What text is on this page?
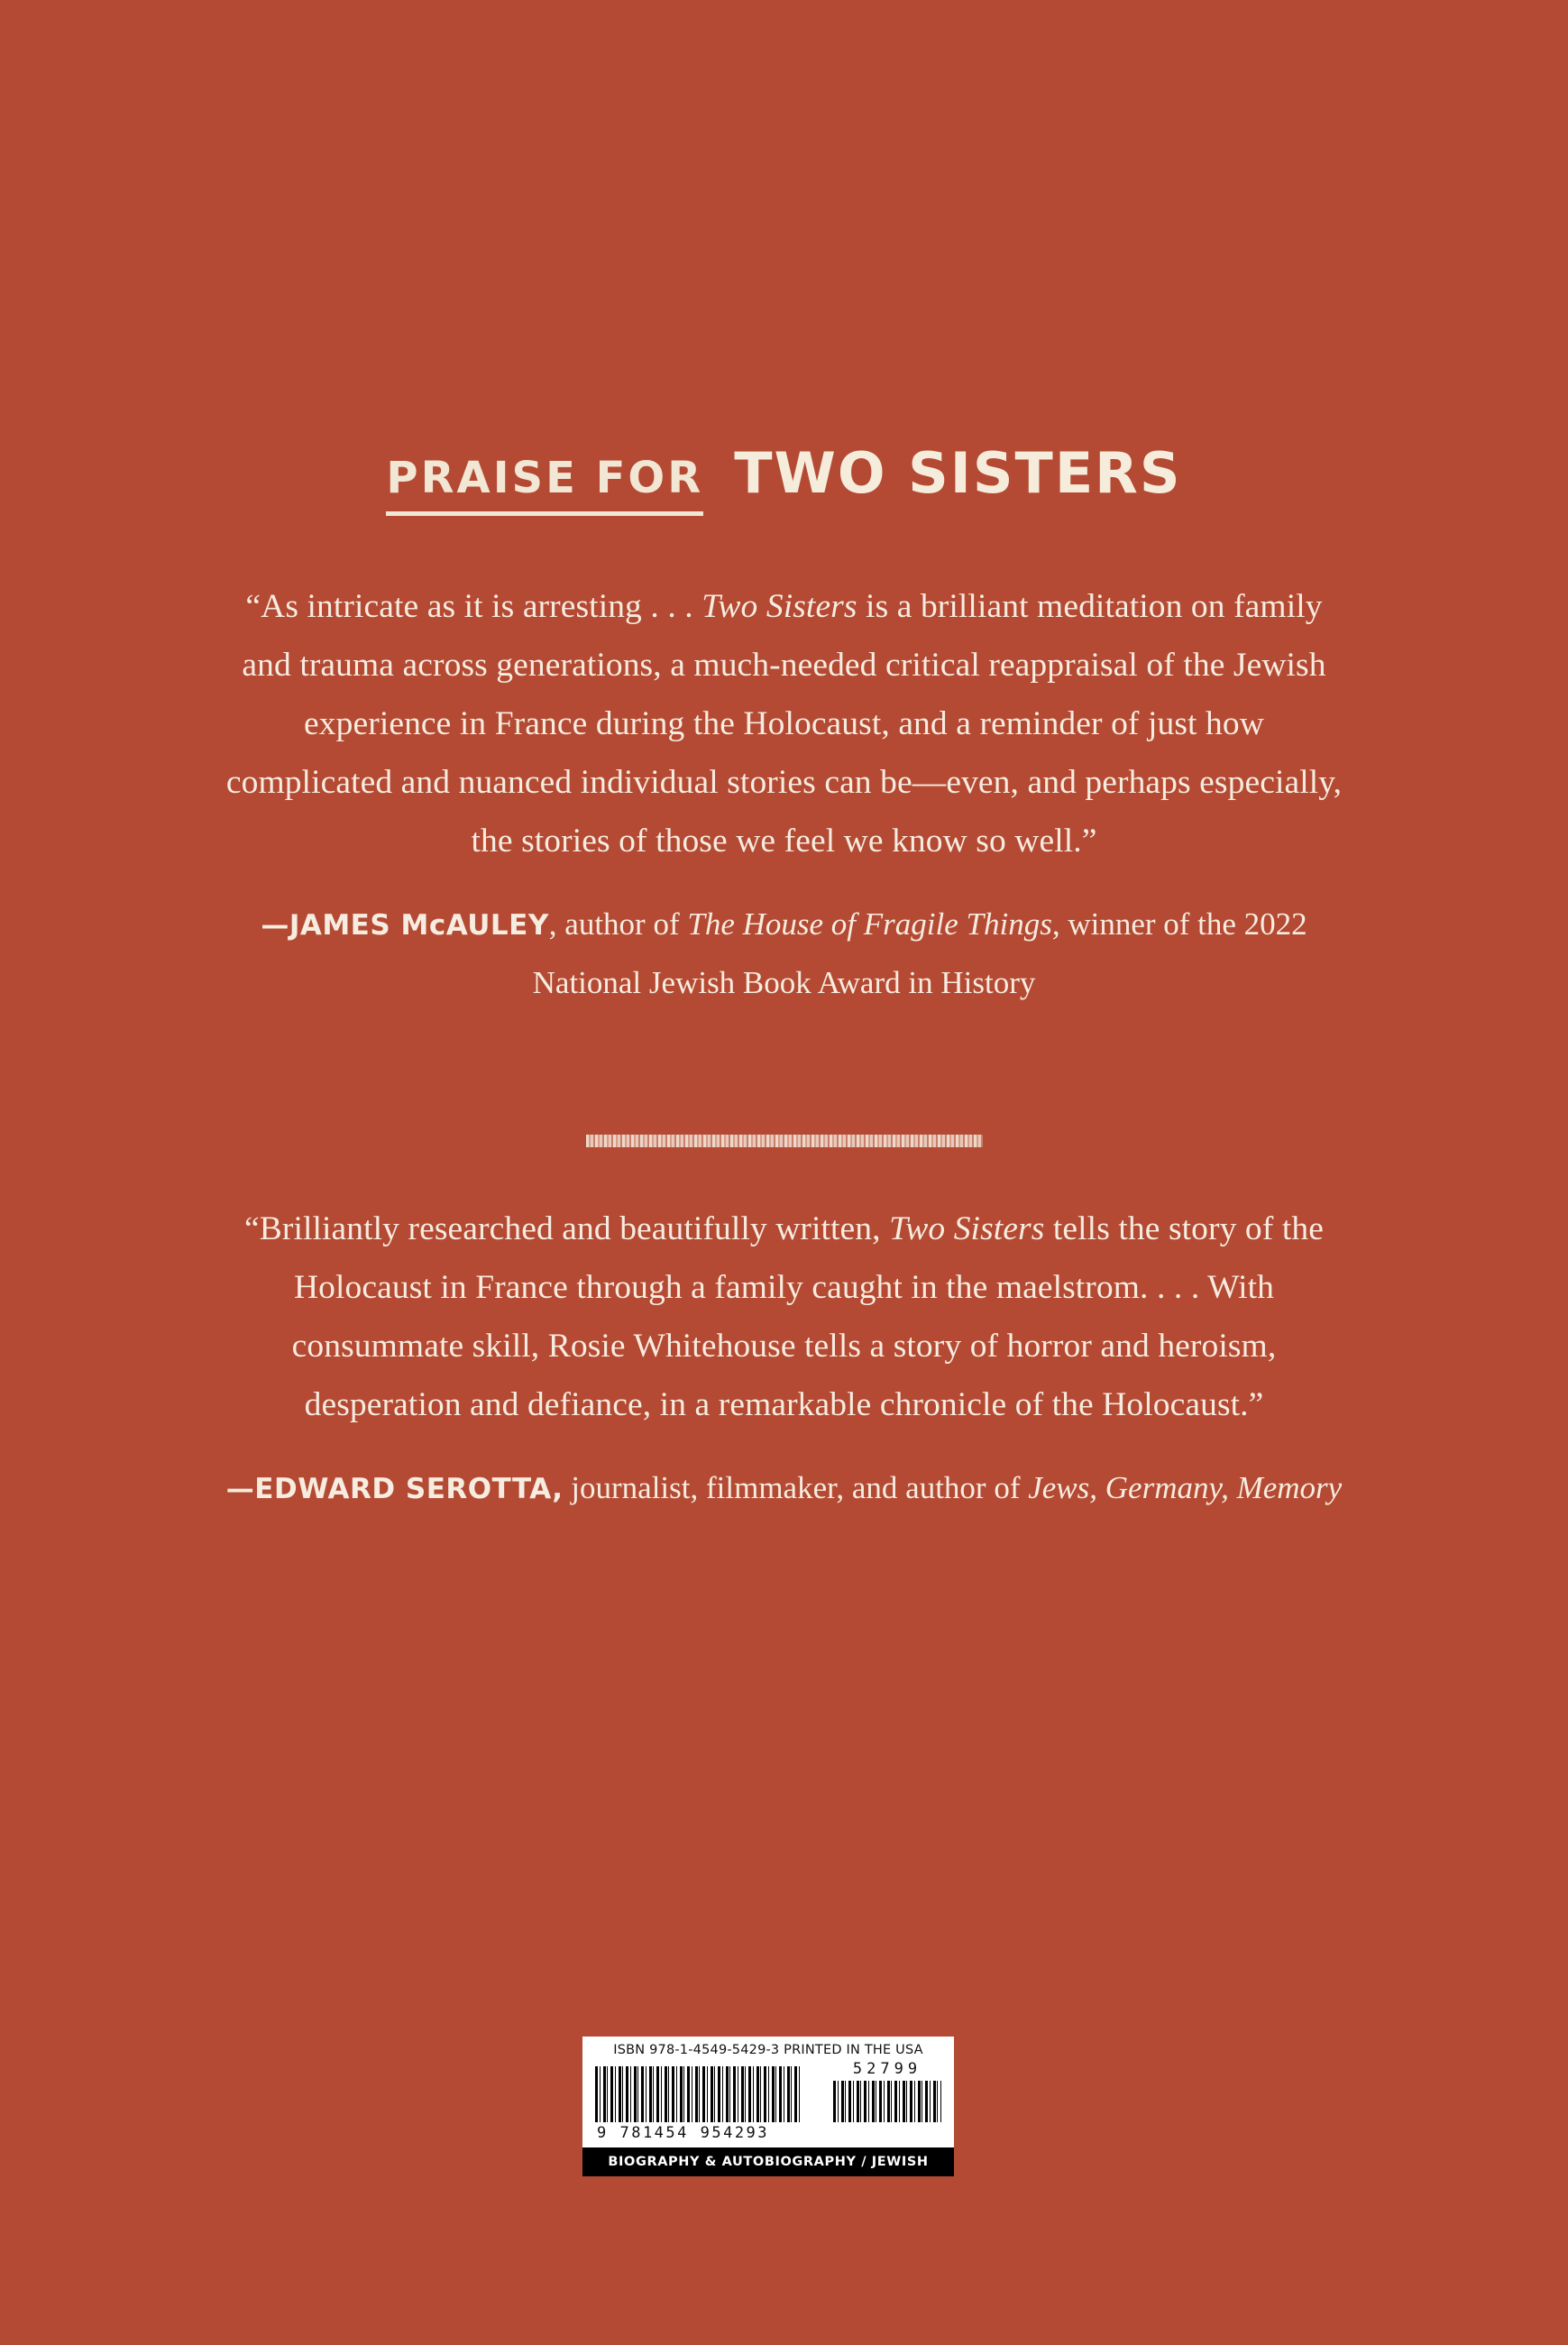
PRAISE FOR TWO SISTERS

“As intricate as it is arresting . . . Two Sisters is a brilliant meditation on family and trauma across generations, a much-needed critical reappraisal of the Jewish experience in France during the Holocaust, and a reminder of just how complicated and nuanced individual stories can be—even, and perhaps especially, the stories of those we feel we know so well.”

—JAMES McAULEY, author of The House of Fragile Things, winner of the 2022 National Jewish Book Award in History

“Brilliantly researched and beautifully written, Two Sisters tells the story of the Holocaust in France through a family caught in the maelstrom. . . . With consummate skill, Rosie Whitehouse tells a story of horror and heroism, desperation and defiance, in a remarkable chronicle of the Holocaust.”

—EDWARD SEROTTA, journalist, filmmaker, and author of Jews, Germany, Memory

ISBN 978-1-4549-5429-3 PRINTED IN THE USA
52799
9 781454 954293
BIOGRAPHY & AUTOBIOGRAPHY / JEWISH
